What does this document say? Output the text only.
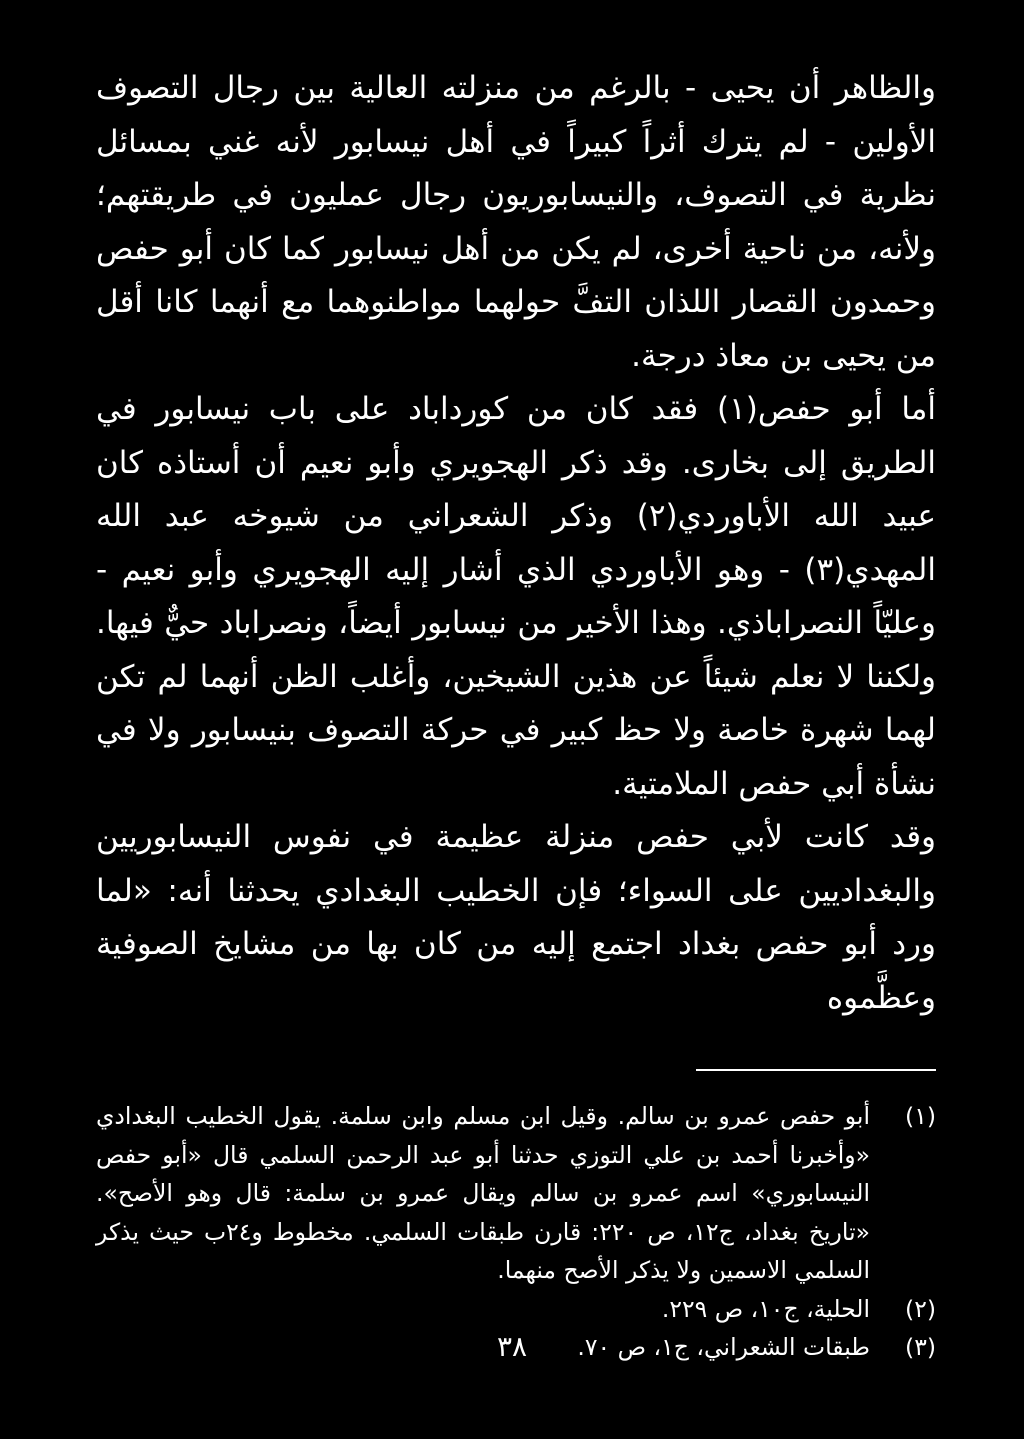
والظاهر أن يحيى - بالرغم من منزلته العالية بين رجال التصوف الأولين - لم يترك أثراً كبيراً في أهل نيسابور لأنه غني بمسائل نظرية في التصوف، والنيسابوريون رجال عمليون في طريقتهم؛ ولأنه، من ناحية أخرى، لم يكن من أهل نيسابور كما كان أبو حفص وحمدون القصار اللذان التفَّ حولهما مواطنوهما مع أنهما كانا أقل من يحيى بن معاذ درجة.

أما أبو حفص(١) فقد كان من كورداباد على باب نيسابور في الطريق إلى بخارى. وقد ذكر الهجويري وأبو نعيم أن أستاذه كان عبيد الله الأباوردي(٢) وذكر الشعراني من شيوخه عبد الله المهدي(٣) - وهو الأباوردي الذي أشار إليه الهجويري وأبو نعيم - وعليّاً النصراباذي. وهذا الأخير من نيسابور أيضاً، ونصراباد حيٌّ فيها. ولكننا لا نعلم شيئاً عن هذين الشيخين، وأغلب الظن أنهما لم تكن لهما شهرة خاصة ولا حظ كبير في حركة التصوف بنيسابور ولا في نشأة أبي حفص الملامتية.

وقد كانت لأبي حفص منزلة عظيمة في نفوس النيسابوريين والبغداديين على السواء؛ فإن الخطيب البغدادي يحدثنا أنه: «لما ورد أبو حفص بغداد اجتمع إليه من كان بها من مشايخ الصوفية وعظَّموه

(١)
أبو حفص عمرو بن سالم. وقيل ابن مسلم وابن سلمة. يقول الخطيب البغدادي «وأخبرنا أحمد بن علي التوزي حدثنا أبو عبد الرحمن السلمي قال «أبو حفص النيسابوري» اسم عمرو بن سالم ويقال عمرو بن سلمة: قال وهو الأصح». «تاريخ بغداد، ج١٢، ص ٢٢٠: قارن طبقات السلمي. مخطوط و٢٤ب حيث يذكر السلمي الاسمين ولا يذكر الأصح منهما.
(٢)
الحلية، ج١٠، ص ٢٢٩.
(٣)
طبقات الشعراني، ج١، ص ٧٠.
٣٨
